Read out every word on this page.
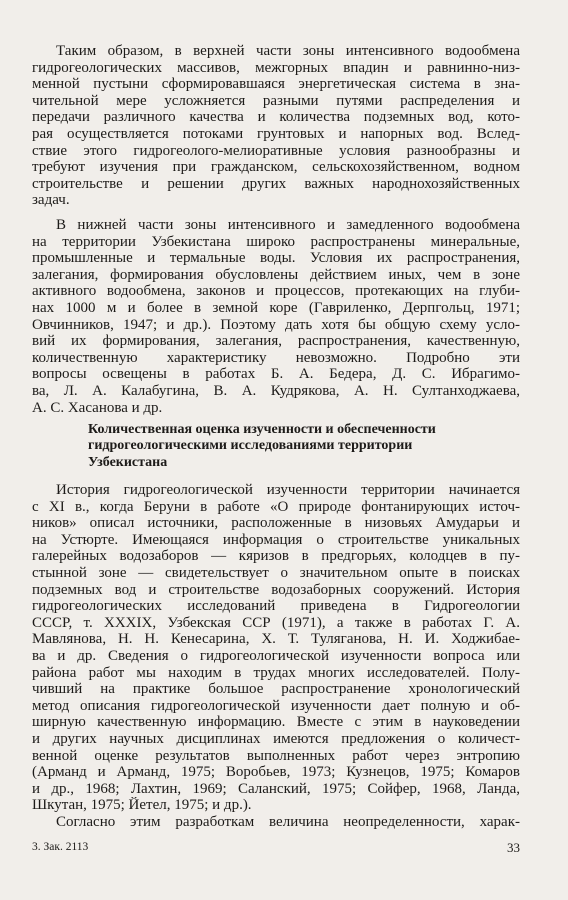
Таким образом, в верхней части зоны интенсивного водообмена

гидрогеологических массивов, межгорных впадин и равнинно-низ-

менной пустыни сформировавшаяся энергетическая система в зна-

чительной мере усложняется разными путями распределения и

передачи различного качества и количества подземных вод, кото-

рая осуществляется потоками грунтовых и напорных вод. Вслед-

ствие этого гидрогеолого-мелиоративные условия разнообразны и

требуют изучения при гражданском, сельскохозяйственном, водном

строительстве и решении других важных народнохозяйственных

задач.

В нижней части зоны интенсивного и замедленного водообмена

на территории Узбекистана широко распространены минеральные,

промышленные и термальные воды. Условия их распространения,

залегания, формирования обусловлены действием иных, чем в зоне

активного водообмена, законов и процессов, протекающих на глуби-

нах 1000 м и более в земной коре (Гавриленко, Дерпгольц, 1971;

Овчинников, 1947; и др.). Поэтому дать хотя бы общую схему усло-

вий их формирования, залегания, распространения, качественную,

количественную характеристику невозможно. Подробно эти

вопросы освещены в работах Б. А. Бедера, Д. С. Ибрагимо-

ва, Л. А. Калабугина, В. А. Кудрякова, А. Н. Султанходжаева,

А. С. Хасанова и др.

Количественная оценка изученности и обеспеченности

гидрогеологическими исследованиями территории

Узбекистана

История гидрогеологической изученности территории начинается

с XI в., когда Беруни в работе «О природе фонтанирующих источ-

ников» описал источники, расположенные в низовьях Амударьи и

на Устюрте. Имеющаяся информация о строительстве уникальных

галерейных водозаборов — кяризов в предгорьях, колодцев в пу-

стынной зоне — свидетельствует о значительном опыте в поисках

подземных вод и строительстве водозаборных сооружений. История

гидрогеологических исследований приведена в Гидрогеологии

СССР, т. XXXIX, Узбекская ССР (1971), а также в работах Г. А.

Мавлянова, Н. Н. Кенесарина, Х. Т. Туляганова, Н. И. Ходжибае-

ва и др. Сведения о гидрогеологической изученности вопроса или

района работ мы находим в трудах многих исследователей. Полу-

чивший на практике большое распространение хронологический

метод описания гидрогеологической изученности дает полную и об-

ширную качественную информацию. Вместе с этим в науковедении

и других научных дисциплинах имеются предложения о количест-

венной оценке результатов выполненных работ через энтропию

(Арманд и Арманд, 1975; Воробьев, 1973; Кузнецов, 1975; Комаров

и др., 1968; Лахтин, 1969; Саланский, 1975; Сойфер, 1968, Ланда,

Шкутан, 1975; Йетел, 1975; и др.).

Согласно этим разработкам величина неопределенности, харак-

3. Зак. 2113	33
